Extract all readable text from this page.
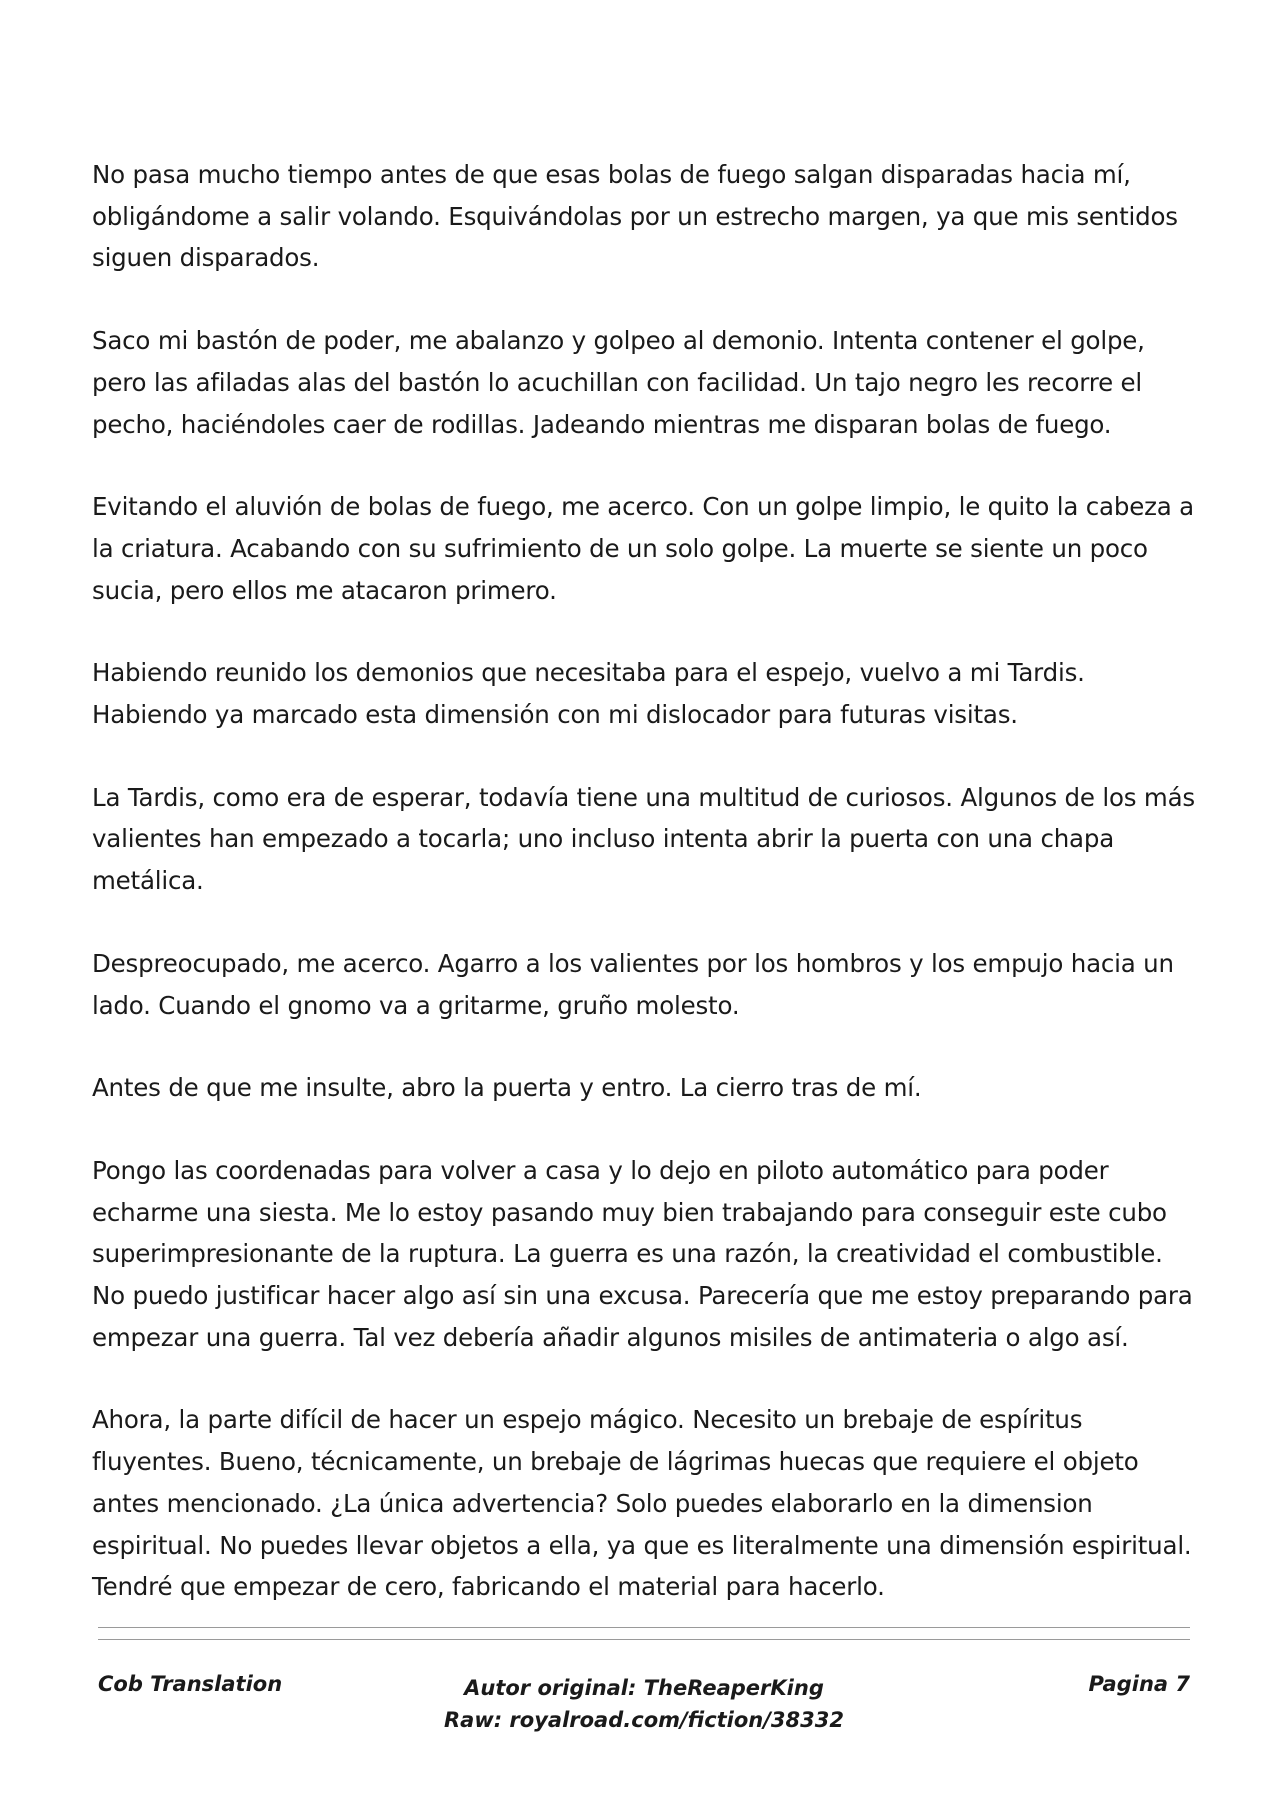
No pasa mucho tiempo antes de que esas bolas de fuego salgan disparadas hacia mí, obligándome a salir volando. Esquivándolas por un estrecho margen, ya que mis sentidos siguen disparados.

Saco mi bastón de poder, me abalanzo y golpeo al demonio. Intenta contener el golpe, pero las afiladas alas del bastón lo acuchillan con facilidad. Un tajo negro les recorre el pecho, haciéndoles caer de rodillas. Jadeando mientras me disparan bolas de fuego.

Evitando el aluvión de bolas de fuego, me acerco. Con un golpe limpio, le quito la cabeza a la criatura. Acabando con su sufrimiento de un solo golpe. La muerte se siente un poco sucia, pero ellos me atacaron primero.

Habiendo reunido los demonios que necesitaba para el espejo, vuelvo a mi Tardis. Habiendo ya marcado esta dimensión con mi dislocador para futuras visitas.

La Tardis, como era de esperar, todavía tiene una multitud de curiosos. Algunos de los más valientes han empezado a tocarla; uno incluso intenta abrir la puerta con una chapa metálica.

Despreocupado, me acerco. Agarro a los valientes por los hombros y los empujo hacia un lado. Cuando el gnomo va a gritarme, gruño molesto.

Antes de que me insulte, abro la puerta y entro. La cierro tras de mí.

Pongo las coordenadas para volver a casa y lo dejo en piloto automático para poder echarme una siesta. Me lo estoy pasando muy bien trabajando para conseguir este cubo superimpresionante de la ruptura. La guerra es una razón, la creatividad el combustible. No puedo justificar hacer algo así sin una excusa. Parecería que me estoy preparando para empezar una guerra. Tal vez debería añadir algunos misiles de antimateria o algo así.

Ahora, la parte difícil de hacer un espejo mágico. Necesito un brebaje de espíritus fluyentes. Bueno, técnicamente, un brebaje de lágrimas huecas que requiere el objeto antes mencionado. ¿La única advertencia? Solo puedes elaborarlo en la dimension espiritual. No puedes llevar objetos a ella, ya que es literalmente una dimensión espiritual. Tendré que empezar de cero, fabricando el material para hacerlo.

Cob Translation	Autor original: TheReaperKing
Raw: royalroad.com/fiction/38332
Pagina 7
